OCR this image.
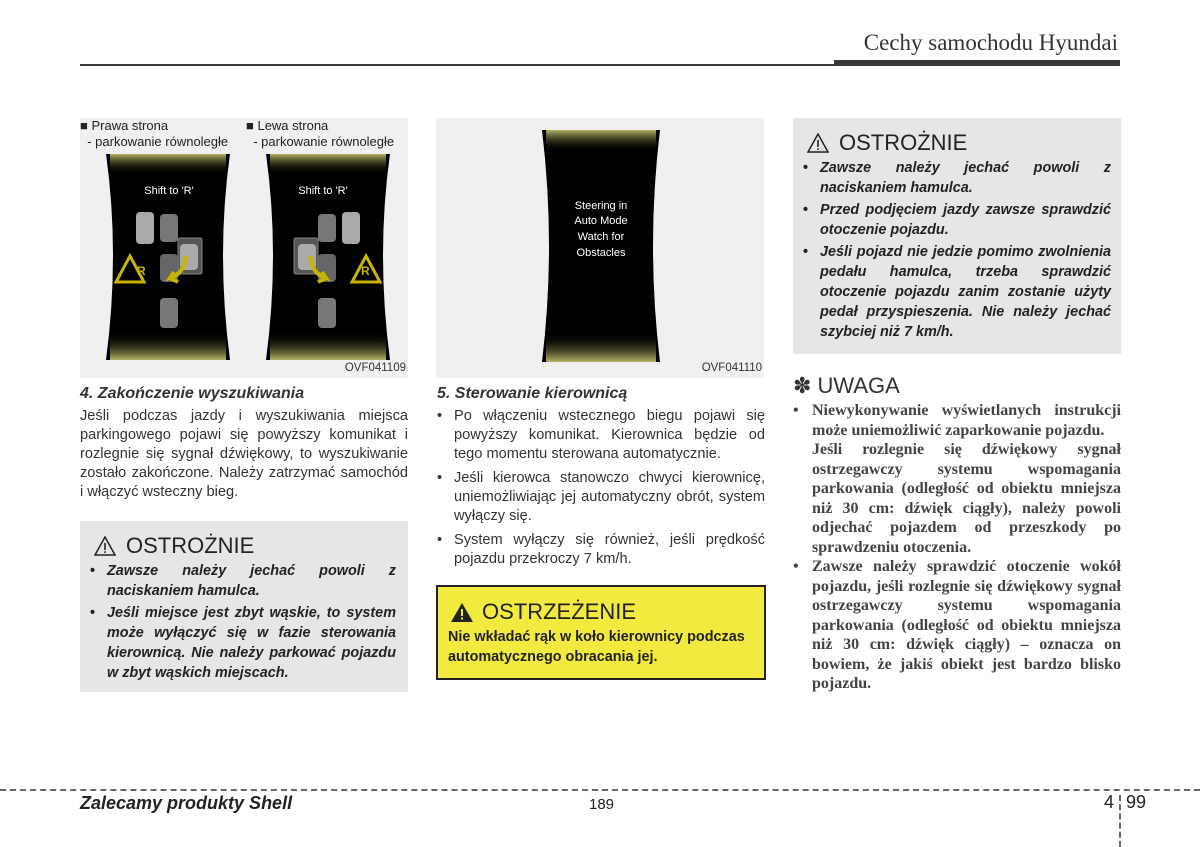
Cechy samochodu Hyundai
■ Prawa strona
- parkowanie równoległe
■ Lewa strona
- parkowanie równoległe
Shift to 'R'
R
Shift to 'R'
R
OVF041109
Steering in
Auto Mode
Watch for
Obstacles
OVF041110
4. Zakończenie wyszukiwania
Jeśli podczas jazdy i wyszukiwania miejsca parkingowego pojawi się powyższy komunikat i rozlegnie się sygnał dźwiękowy, to wyszukiwanie zostało zakończone. Należy zatrzymać samochód i włączyć wsteczny bieg.
OSTROŻNIE
• Zawsze należy jechać powoli z naciskaniem hamulca.
• Jeśli miejsce jest zbyt wąskie, to system może wyłączyć się w fazie sterowania kierownicą. Nie należy parkować pojazdu w zbyt wąskich miejscach.
5. Sterowanie kierownicą
• Po włączeniu wstecznego biegu pojawi się powyższy komunikat. Kierownica będzie od tego momentu sterowana automatycznie.
• Jeśli kierowca stanowczo chwyci kierownicę, uniemożliwiając jej automatyczny obrót, system wyłączy się.
• System wyłączy się również, jeśli prędkość pojazdu przekroczy 7 km/h.
OSTRZEŻENIE

Nie wkładać rąk w koło kierownicy podczas automatycznego obracania jej.

OSTROŻNIE
• Zawsze należy jechać powoli z naciskaniem hamulca.
• Przed podjęciem jazdy zawsze sprawdzić otoczenie pojazdu.
• Jeśli pojazd nie jedzie pomimo zwolnienia pedału hamulca, trzeba sprawdzić otoczenie pojazdu zanim zostanie użyty pedał przyspieszenia. Nie należy jechać szybciej niż 7 km/h.
✽ UWAGA
• Niewykonywanie wyświetlanych instrukcji może uniemożliwić zaparkowanie pojazdu.
Jeśli rozlegnie się dźwiękowy sygnał ostrzegawczy systemu wspomagania parkowania (odległość od obiektu mniejsza niż 30 cm: dźwięk ciągły), należy powoli odjechać pojazdem od przeszkody po sprawdzeniu otoczenia.
• Zawsze należy sprawdzić otoczenie wokół pojazdu, jeśli rozlegnie się dźwiękowy sygnał ostrzegawczy systemu wspomagania parkowania (odległość od obiektu mniejsza niż 30 cm: dźwięk ciągły) – oznacza on bowiem, że jakiś obiekt jest bardzo blisko pojazdu.
Zalecamy produkty Shell	189	4 99
